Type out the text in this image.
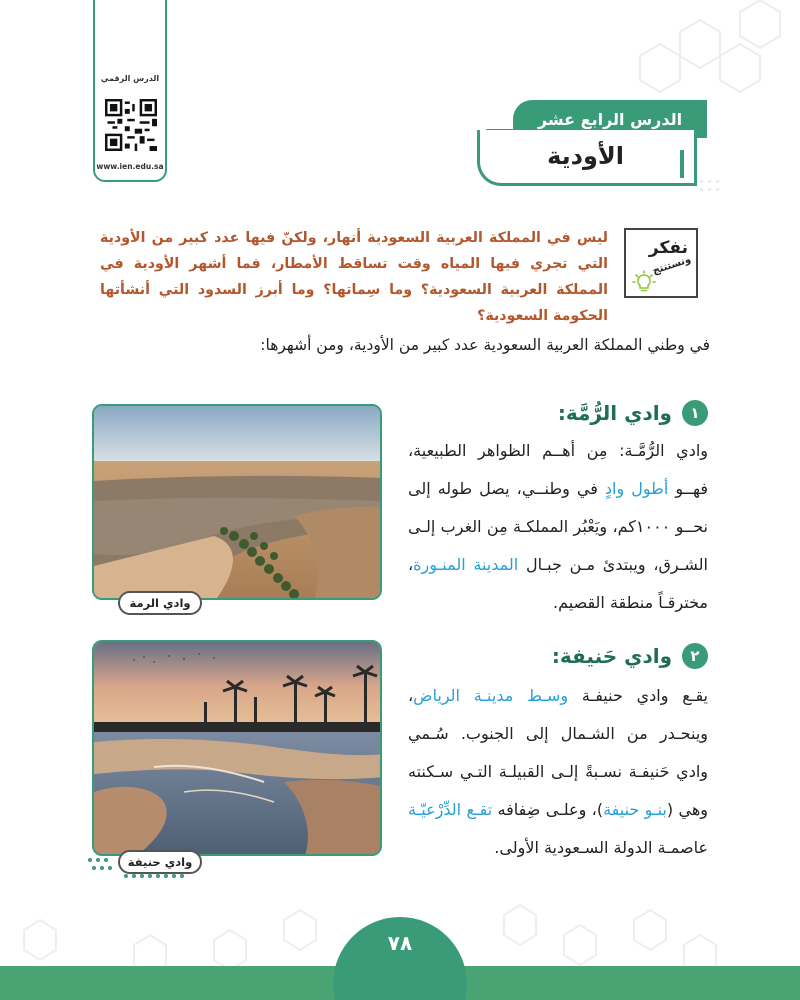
الدرس الرقمي
www.ien.edu.sa
الدرس الرابع عشر
الأودية
نفكر
ونستنتج
ليس في المملكة العربية السعودية أنهار، ولكنّ فيها عدد كبير من الأودية التي تجري فيها المياه وقت تساقط الأمطار، فما أشهر الأودية في المملكة العربية السعودية؟ وما سِماتها؟ وما أبرز السدود التي أنشأتها الحكومة السعودية؟
في وطني المملكة العربية السعودية عدد كبير من الأودية، ومن أشهرها:
وادي الرمة
١
وادي الرُّمَّة:
وادي الرُّمَّـة: مِن أهــم الظواهر الطبيعية، فهــو أطول وادٍ في وطنــي، يصل طوله إلى نحــو ١٠٠٠كم، ويَعْبُر المملكـة مِن الغرب إلـى الشـرق، ويبتدئ مـن جبـال المدينة المنـورة، مخترقـاً منطقة القصيم.
وادي حنيفة
٢
وادي حَنيفة:
يقـع وادي حنيفـة وسـط مدينـة الرياض، وينحـدر من الشـمال إلى الجنوب. سُـمي وادي حَنيفـة نسـبةً إلـى القبيلـة التـي سـكنته وهي (بنـو حنيفة)، وعلـى ضِفافه تقـع الدِّرْعيّـة عاصمـة الدولة السـعودية الأولى.
٧٨
